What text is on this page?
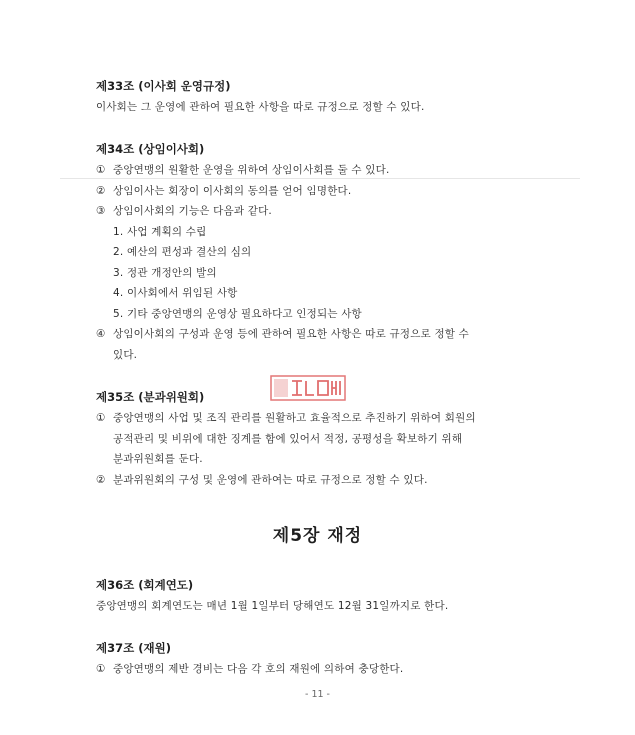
제33조 (이사회 운영규정)
이사회는 그 운영에 관하여 필요한 사항을 따로 규정으로 정할 수 있다.
제34조 (상임이사회)
① 중앙연맹의 원활한 운영을 위하여 상임이사회를 둘 수 있다.
② 상임이사는 회장이 이사회의 동의를 얻어 임명한다.
③ 상임이사회의 기능은 다음과 같다.
1. 사업 계획의 수립
2. 예산의 편성과 결산의 심의
3. 정관 개정안의 발의
4. 이사회에서 위임된 사항
5. 기타 중앙연맹의 운영상 필요하다고 인정되는 사항
④ 상임이사회의 구성과 운영 등에 관하여 필요한 사항은 따로 규정으로 정할 수
있다.
제35조 (분과위원회)
① 중앙연맹의 사업 및 조직 관리를 원활하고 효율적으로 추진하기 위하여 회원의
공적관리 및 비위에 대한 징계를 함에 있어서 적정, 공평성을 확보하기 위해
분과위원회를 둔다.
② 분과위원회의 구성 및 운영에 관하여는 따로 규정으로 정할 수 있다.
제5장 재정
제36조 (회계연도)
중앙연맹의 회계연도는 매년 1월 1일부터 당해연도 12월 31일까지로 한다.
제37조 (재원)
① 중앙연맹의 제반 경비는 다음 각 호의 재원에 의하여 충당한다.
- 11 -
